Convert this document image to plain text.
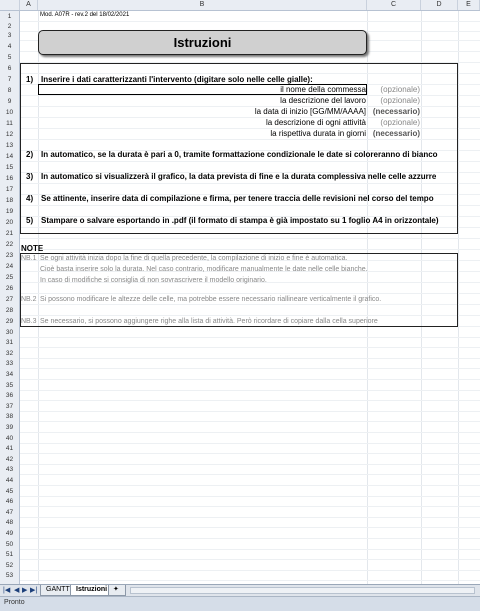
A	B	C	D	E
1
2
3
4
5
6
7
8
9
10
11
12
13
14
15
16
17
18
19
20
21
22
23
24
25
26
27
28
29
30
31
32
33
34
35
36
37
38
39
40
41
42
43
44
45
46
47
48
49
50
51
52
53
Mod. A07R - rev.2 del 18/02/2021
Istruzioni
1) Inserire i dati caratterizzanti l'intervento (digitare solo nelle celle gialle):
il nome della commessa (opzionale)
la descrizione del lavoro (opzionale)
la data di inizio [GG/MM/AAAA] (necessario)
la descrizione di ogni attività (opzionale)
la rispettiva durata in giorni (necessario)
2) In automatico, se la durata è pari a 0, tramite formattazione condizionale le date si coloreranno di bianco
3) In automatico si visualizzerà il grafico, la data prevista di fine e la durata complessiva nelle celle azzurre
4) Se attinente, inserire data di compilazione e firma, per tenere traccia delle revisioni nel corso del tempo
5) Stampare o salvare esportando in .pdf (il formato di stampa è già impostato su 1 foglio A4 in orizzontale)
NOTE
NB.1 Se ogni attività inizia dopo la fine di quella precedente, la compilazione di inizio e fine è automatica.
Cioè basta inserire solo la durata. Nel caso contrario, modificare manualmente le date nelle celle bianche.
In caso di modifiche si consiglia di non sovrascrivere il modello originario.
NB.2 Si possono modificare le altezze delle celle, ma potrebbe essere necessario riallineare verticalmente il grafico.
NB.3 Se necessario, si possono aggiungere righe alla lista di attività. Però ricordare di copiare dalla cella superiore
|◀ ◀ ▶ ▶|	GANTT Istruzioni ✦
Pronto
